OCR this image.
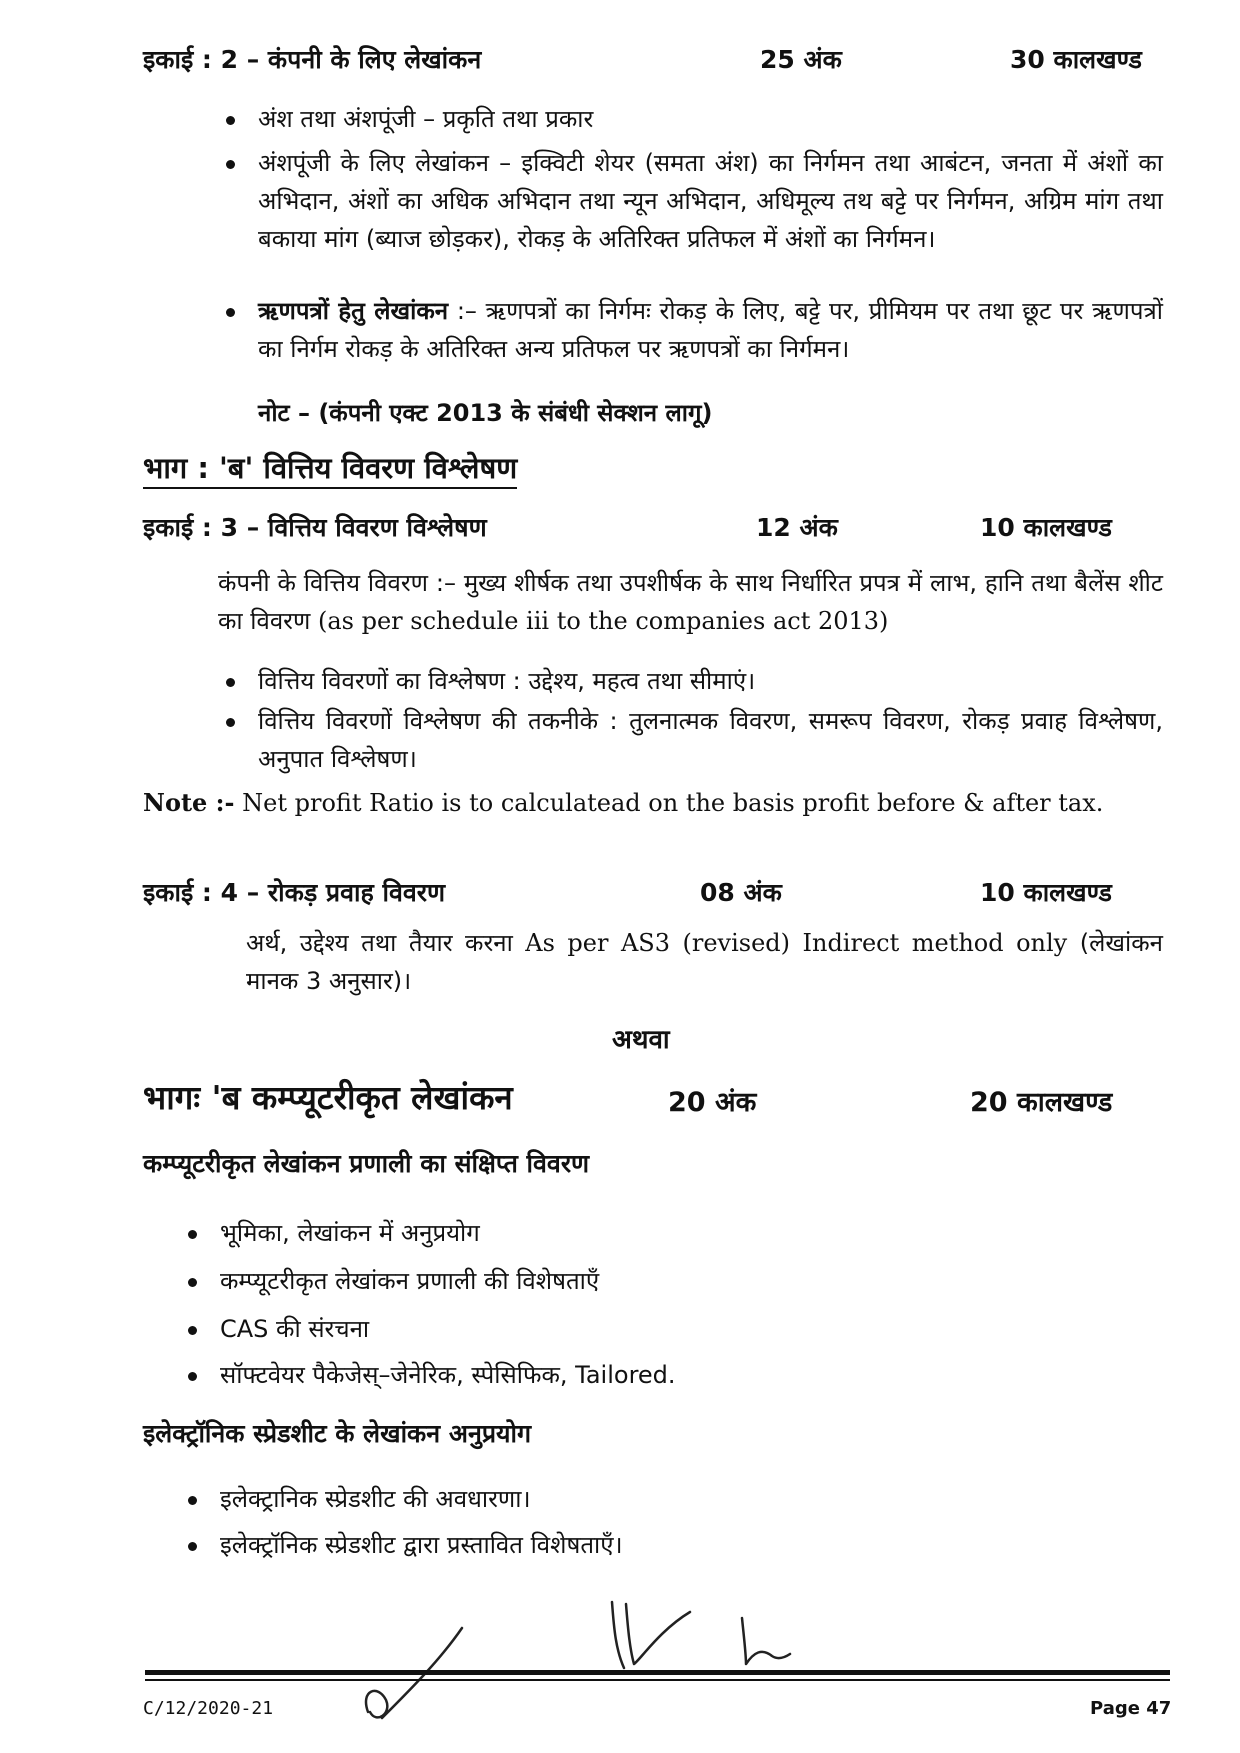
इकाई : 2 – कंपनी के लिए लेखांकन	25 अंक	30 कालखण्ड
अंश तथा अंशपूंजी – प्रकृति तथा प्रकार
अंशपूंजी के लिए लेखांकन – इक्विटी शेयर (समता अंश) का निर्गमन तथा आबंटन, जनता में अंशों का अभिदान, अंशों का अधिक अभिदान तथा न्यून अभिदान, अधिमूल्य तथ बट्टे पर निर्गमन, अग्रिम मांग तथा बकाया मांग (ब्याज छोड़कर), रोकड़ के अतिरिक्त प्रतिफल में अंशों का निर्गमन।
ऋणपत्रों हेतु लेखांकन :– ऋणपत्रों का निर्गमः रोकड़ के लिए, बट्टे पर, प्रीमियम पर तथा छूट पर ऋणपत्रों का निर्गम रोकड़ के अतिरिक्त अन्य प्रतिफल पर ऋणपत्रों का निर्गमन।
नोट – (कंपनी एक्ट 2013 के संबंधी सेक्शन लागू)
भाग : 'ब' वित्तिय विवरण विश्लेषण
इकाई : 3 – वित्तिय विवरण विश्लेषण	12 अंक	10 कालखण्ड
कंपनी के वित्तिय विवरण :– मुख्य शीर्षक तथा उपशीर्षक के साथ निर्धारित प्रपत्र में लाभ, हानि तथा बैलेंस शीट का विवरण (as per schedule iii to the companies act 2013)
वित्तिय विवरणों का विश्लेषण : उद्देश्य, महत्व तथा सीमाएं।
वित्तिय विवरणों विश्लेषण की तकनीके : तुलनात्मक विवरण, समरूप विवरण, रोकड़ प्रवाह विश्लेषण, अनुपात विश्लेषण।
Note :- Net profit Ratio is to calculatead on the basis profit before & after tax.
इकाई : 4 – रोकड़ प्रवाह विवरण	08 अंक	10 कालखण्ड
अर्थ, उद्देश्य तथा तैयार करना As per AS3 (revised) Indirect method only (लेखांकन मानक 3 अनुसार)।
अथवा
भागः 'ब कम्प्यूटरीकृत लेखांकन	20 अंक	20 कालखण्ड
कम्प्यूटरीकृत लेखांकन प्रणाली का संक्षिप्त विवरण
भूमिका, लेखांकन में अनुप्रयोग
कम्प्यूटरीकृत लेखांकन प्रणाली की विशेषताएँ
CAS की संरचना
सॉफ्टवेयर पैकेजेस्–जेनेरिक, स्पेसिफिक, Tailored.
इलेक्ट्रॉनिक स्प्रेडशीट के लेखांकन अनुप्रयोग
इलेक्ट्रानिक स्प्रेडशीट की अवधारणा।
इलेक्ट्रॉनिक स्प्रेडशीट द्वारा प्रस्तावित विशेषताएँ।
C/12/2020-21	Page 47
